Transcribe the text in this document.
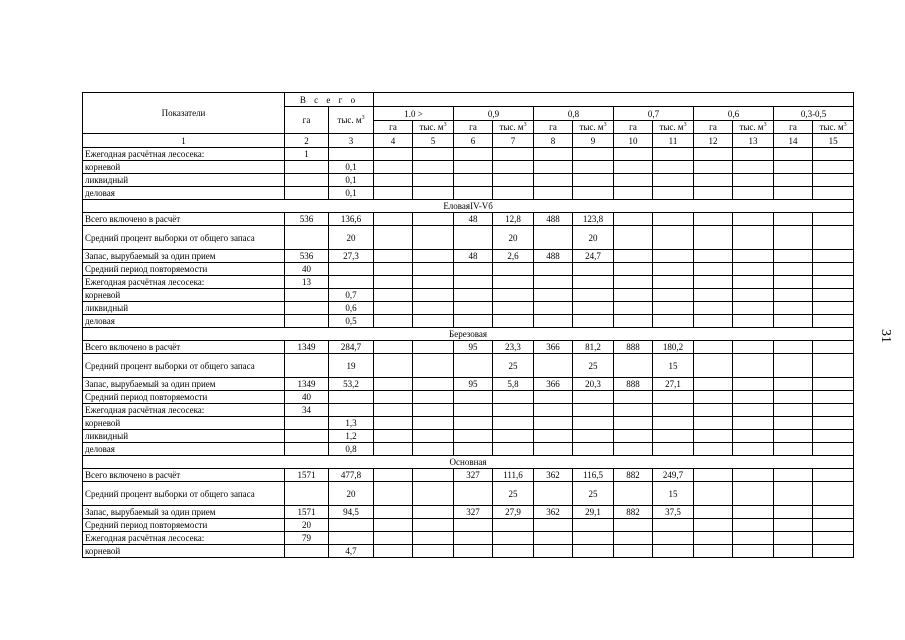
Показатели	В с е г о													
	га	тыс. $м^3$	1.0 >		0,9		0,8		0,7		0,6		0,3-0,5	
			га	тыс. $м^3$	га	тыс. $м^3$	га	тыс. $м^3$	га	тыс. $м^3$	га	тыс. $м^3$	га	тыс. $м^3$
1	2	3	4	5	6	7	8	9	10	11	12	13	14	15
Ежегодная расчётная лесосека:	1													
корневой		0,1												
ликвидный		0,1												
деловая		0,1												
ЕловаяIV-Vб														
Всего включено в расчёт	536	136,6			48	12,8	488	123,8						
Средний процент выборки от общего запаса		20				20		20						
Запас, вырубаемый за один прием	536	27,3			48	2,6	488	24,7						
Средний период повторяемости	40													
Ежегодная расчётная лесосека:	13													
корневой		0,7												
ликвидный		0,6												
деловая		0,5												
Березовая														
Всего включено в расчёт	1349	284,7			95	23,3	366	81,2	888	180,2				
Средний процент выборки от общего запаса		19				25		25		15				
Запас, вырубаемый за один прием	1349	53,2			95	5,8	366	20,3	888	27,1				
Средний период повторяемости	40													
Ежегодная расчётная лесосека:	34													
корневой		1,3												
ликвидный		1,2												
деловая		0,8												
Основная														
Всего включено в расчёт	1571	477,8			327	111,6	362	116,5	882	249,7				
Средний процент выборки от общего запаса		20				25		25		15				
Запас, вырубаемый за один прием	1571	94,5			327	27,9	362	29,1	882	37,5				
Средний период повторяемости	20													
Ежегодная расчётная лесосека:	79													
корневой		4,7												
31
